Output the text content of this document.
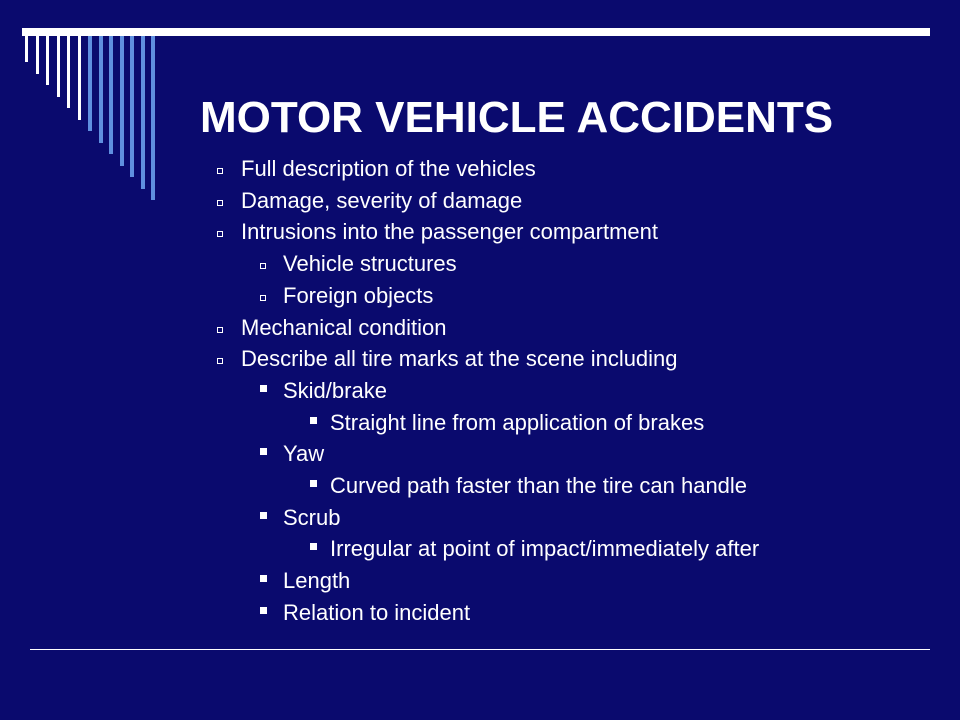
MOTOR VEHICLE ACCIDENTS
Full description of the vehicles
Damage, severity of damage
Intrusions into the passenger compartment
Vehicle structures
Foreign objects
Mechanical condition
Describe all tire marks at the scene including
Skid/brake
Straight line from application of brakes
Yaw
Curved path faster than the tire can handle
Scrub
Irregular at point of impact/immediately after
Length
Relation to incident
